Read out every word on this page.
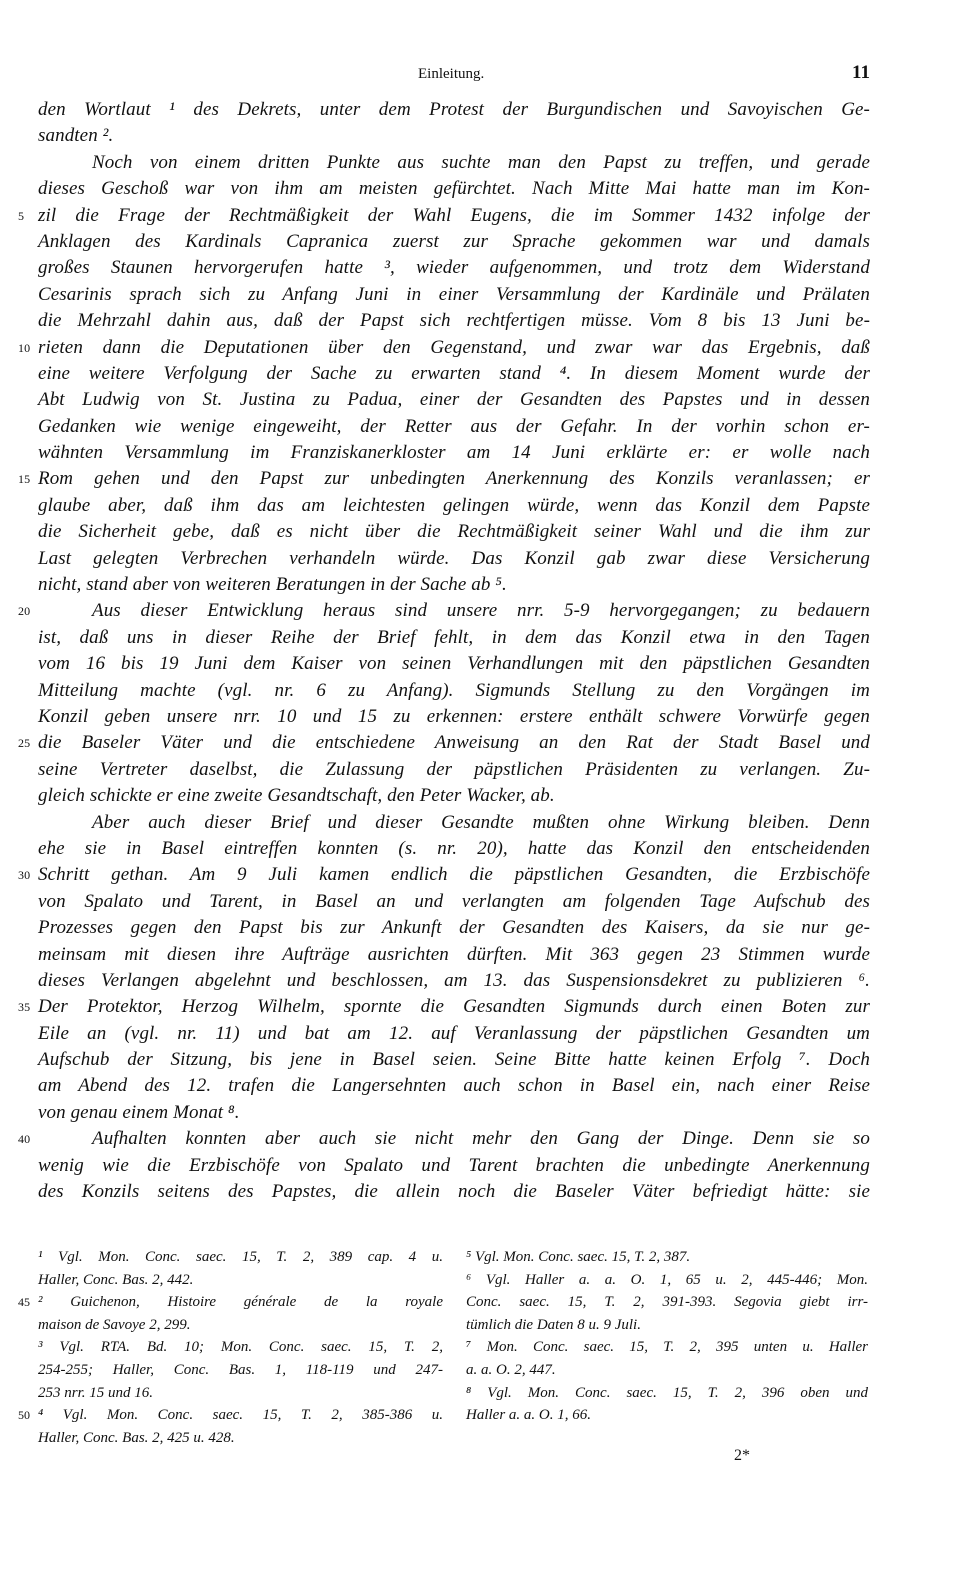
Einleitung.	11
den Wortlaut ¹ des Dekrets, unter dem Protest der Burgundischen und Savoyischen Ge-
sandten ².
Noch von einem dritten Punkte aus suchte man den Papst zu treffen, und gerade
dieses Geschoß war von ihm am meisten gefürchtet. Nach Mitte Mai hatte man im Kon-
5 zil die Frage der Rechtmäßigkeit der Wahl Eugens, die im Sommer 1432 infolge der
Anklagen des Kardinals Capranica zuerst zur Sprache gekommen war und damals
großes Staunen hervorgerufen hatte ³, wieder aufgenommen, und trotz dem Widerstand
Cesarinis sprach sich zu Anfang Juni in einer Versammlung der Kardinäle und Prälaten
die Mehrzahl dahin aus, daß der Papst sich rechtfertigen müsse. Vom 8 bis 13 Juni be-
10 rieten dann die Deputationen über den Gegenstand, und zwar war das Ergebnis, daß
eine weitere Verfolgung der Sache zu erwarten stand ⁴. In diesem Moment wurde der
Abt Ludwig von St. Justina zu Padua, einer der Gesandten des Papstes und in dessen
Gedanken wie wenige eingeweiht, der Retter aus der Gefahr. In der vorhin schon er-
wähnten Versammlung im Franziskanerkloster am 14 Juni erklärte er: er wolle nach
15 Rom gehen und den Papst zur unbedingten Anerkennung des Konzils veranlassen; er
glaube aber, daß ihm das am leichtesten gelingen würde, wenn das Konzil dem Papste
die Sicherheit gebe, daß es nicht über die Rechtmäßigkeit seiner Wahl und die ihm zur
Last gelegten Verbrechen verhandeln würde. Das Konzil gab zwar diese Versicherung
nicht, stand aber von weiteren Beratungen in der Sache ab ⁵.
20	Aus dieser Entwicklung heraus sind unsere nrr. 5-9 hervorgegangen; zu bedauern
ist, daß uns in dieser Reihe der Brief fehlt, in dem das Konzil etwa in den Tagen
vom 16 bis 19 Juni dem Kaiser von seinen Verhandlungen mit den päpstlichen Gesandten
Mitteilung machte (vgl. nr. 6 zu Anfang). Sigmunds Stellung zu den Vorgängen im
Konzil geben unsere nrr. 10 und 15 zu erkennen: erstere enthält schwere Vorwürfe gegen
25 die Baseler Väter und die entschiedene Anweisung an den Rat der Stadt Basel und
seine Vertreter daselbst, die Zulassung der päpstlichen Präsidenten zu verlangen. Zu-
gleich schickte er eine zweite Gesandtschaft, den Peter Wacker, ab.
Aber auch dieser Brief und dieser Gesandte mußten ohne Wirkung bleiben. Denn
ehe sie in Basel eintreffen konnten (s. nr. 20), hatte das Konzil den entscheidenden
30 Schritt gethan. Am 9 Juli kamen endlich die päpstlichen Gesandten, die Erzbischöfe
von Spalato und Tarent, in Basel an und verlangten am folgenden Tage Aufschub des
Prozesses gegen den Papst bis zur Ankunft der Gesandten des Kaisers, da sie nur ge-
meinsam mit diesen ihre Aufträge ausrichten dürften. Mit 363 gegen 23 Stimmen wurde
dieses Verlangen abgelehnt und beschlossen, am 13. das Suspensionsdekret zu publizieren ⁶.
35 Der Protektor, Herzog Wilhelm, spornte die Gesandten Sigmunds durch einen Boten zur
Eile an (vgl. nr. 11) und bat am 12. auf Veranlassung der päpstlichen Gesandten um
Aufschub der Sitzung, bis jene in Basel seien. Seine Bitte hatte keinen Erfolg ⁷. Doch
am Abend des 12. trafen die Langersehnten auch schon in Basel ein, nach einer Reise
von genau einem Monat ⁸.
40	Aufhalten konnten aber auch sie nicht mehr den Gang der Dinge. Denn sie so
wenig wie die Erzbischöfe von Spalato und Tarent brachten die unbedingte Anerkennung
des Konzils seitens des Papstes, die allein noch die Baseler Väter befriedigt hätte: sie
¹ Vgl. Mon. Conc. saec. 15, T. 2, 389 cap. 4 u.
Haller, Conc. Bas. 2, 442.
45 ² Guichenon, Histoire générale de la royale
maison de Savoye 2, 299.
³ Vgl. RTA. Bd. 10; Mon. Conc. saec. 15, T. 2,
254-255; Haller, Conc. Bas. 1, 118-119 und 247-
253 nrr. 15 und 16.
50 ⁴ Vgl. Mon. Conc. saec. 15, T. 2, 385-386 u.
Haller, Conc. Bas. 2, 425 u. 428.
⁵ Vgl. Mon. Conc. saec. 15, T. 2, 387.
⁶ Vgl. Haller a. a. O. 1, 65 u. 2, 445-446; Mon.
Conc. saec. 15, T. 2, 391-393. Segovia giebt irr-
tümlich die Daten 8 u. 9 Juli.
⁷ Mon. Conc. saec. 15, T. 2, 395 unten u. Haller
a. a. O. 2, 447.
⁸ Vgl. Mon. Conc. saec. 15, T. 2, 396 oben und
Haller a. a. O. 1, 66.
2*
